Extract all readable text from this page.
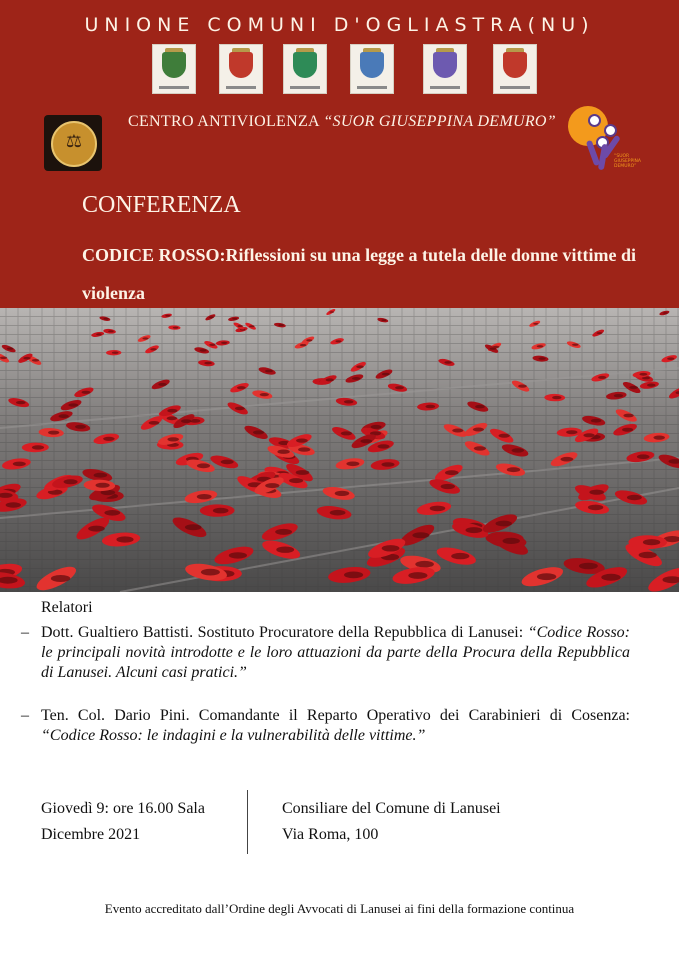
UNIONE COMUNI D'OGLIASTRA(NU)
⚖
CENTRO ANTIVIOLENZA “SUOR GIUSEPPINA DEMURO”
“SUOR GIUSEPPINA DEMURO”
CONFERENZA
CODICE ROSSO:Riflessioni su una legge a tutela delle donne vittime di violenza
Relatori
– Dott. Gualtiero Battisti. Sostituto Procuratore della Repubblica di Lanusei: “Codice Rosso: le principali novità introdotte e le loro attuazioni da parte della Procura della Repubblica di Lanusei. Alcuni casi pratici.”
– Ten. Col. Dario Pini. Comandante il Reparto Operativo dei Carabinieri di Cosenza: “Codice Rosso: le indagini e la vulnerabilità delle vittime.”
Giovedì 9: ore 16.00 Sala
Dicembre 2021
Consiliare del Comune di Lanusei
Via Roma, 100
Evento accreditato dall’Ordine degli Avvocati di Lanusei ai fini della formazione continua
